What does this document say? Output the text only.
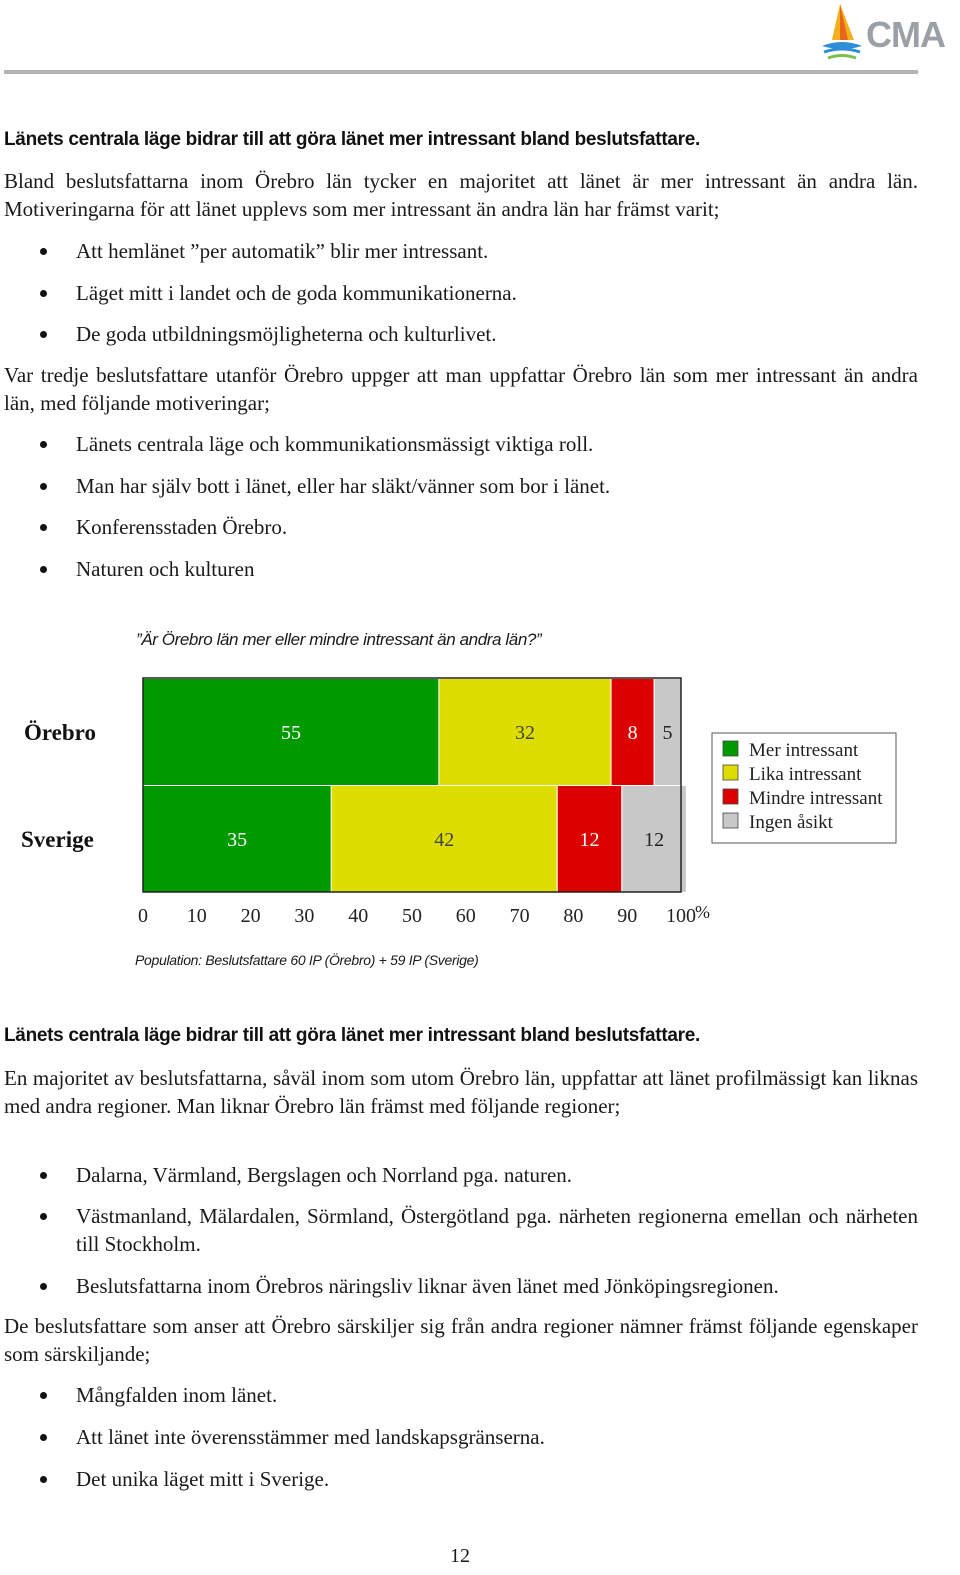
CMA
Länets centrala läge bidrar till att göra länet mer intressant bland beslutsfattare.

Bland beslutsfattarna inom Örebro län tycker en majoritet att länet är mer intressant än andra län. Motiveringarna för att länet upplevs som mer intressant än andra län har främst varit;

Att hemlänet ”per automatik” blir mer intressant.
Läget mitt i landet och de goda kommunikationerna.
De goda utbildningsmöjligheterna och kulturlivet.

Var tredje beslutsfattare utanför Örebro uppger att man uppfattar Örebro län som mer intressant än andra län, med följande motiveringar;

Länets centrala läge och kommunikationsmässigt viktiga roll.
Man har själv bott i länet, eller har släkt/vänner som bor i länet.
Konferensstaden Örebro.
Naturen och kulturen
”Är Örebro län mer eller mindre intressant än andra län?”
55	32	8 5
Örebro
35	42	12 12
Sverige
0 10 20 30 40 50 60 70 80 90 100 %
Mer intressant
Lika intressant
Mindre intressant
Ingen åsikt
Population: Beslutsfattare 60 IP (Örebro) + 59 IP (Sverige)
Länets centrala läge bidrar till att göra länet mer intressant bland beslutsfattare.

En majoritet av beslutsfattarna, såväl inom som utom Örebro län, uppfattar att länet profilmässigt kan liknas med andra regioner. Man liknar Örebro län främst med följande regioner;

Dalarna, Värmland, Bergslagen och Norrland pga. naturen.
Västmanland, Mälardalen, Sörmland, Östergötland pga. närheten regionerna emellan och närheten till Stockholm.
Beslutsfattarna inom Örebros näringsliv liknar även länet med Jönköpingsregionen.

De beslutsfattare som anser att Örebro särskiljer sig från andra regioner nämner främst följande egenskaper som särskiljande;

Mångfalden inom länet.
Att länet inte överensstämmer med landskapsgränserna.
Det unika läget mitt i Sverige.
12
